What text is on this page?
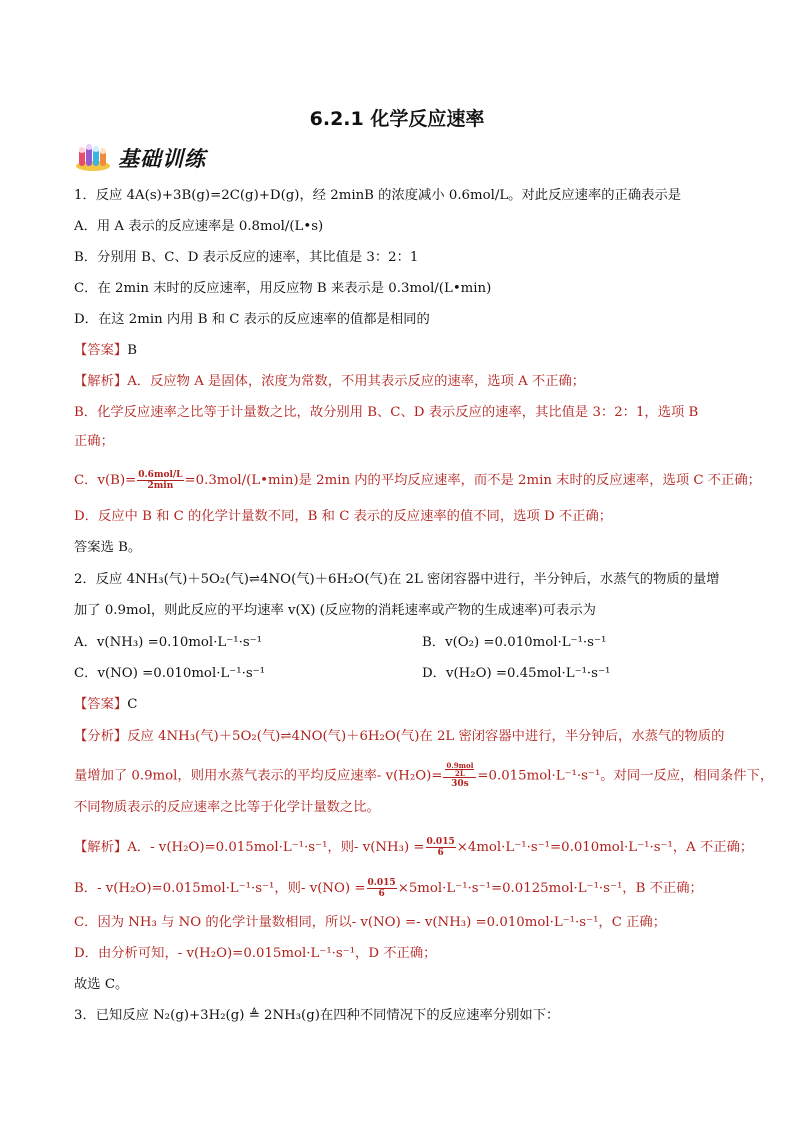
6.2.1 化学反应速率
基础训练
1．反应 4A(s)+3B(g)=2C(g)+D(g)，经 2minB 的浓度减小 0.6mol/L。对此反应速率的正确表示是
A．用 A 表示的反应速率是 0.8mol/(L•s)
B．分别用 B、C、D 表示反应的速率，其比值是 3：2：1
C．在 2min 末时的反应速率，用反应物 B 来表示是 0.3mol/(L•min)
D．在这 2min 内用 B 和 C 表示的反应速率的值都是相同的
【答案】B
【解析】A．反应物 A 是固体，浓度为常数，不用其表示反应的速率，选项 A 不正确；
B．化学反应速率之比等于计量数之比，故分别用 B、C、D 表示反应的速率，其比值是 3：2：1，选项 B
正确；
C．$v(B)= \frac{\text{0.6mol/L}}{2\min}$ =0.3mol/(L•min)是 2min 内的平均反应速率，而不是 2min 末时的反应速率，选项 C 不正确；
D．反应中 B 和 C 的化学计量数不同，B 和 C 表示的反应速率的值不同，选项 D 不正确；
答案选 B。
2．反应 4NH₃(气)＋5O₂(气)⇌4NO(气)＋6H₂O(气)在 2L 密闭容器中进行，半分钟后，水蒸气的物质的量增
加了 0.9mol，则此反应的平均速率 v(X) (反应物的消耗速率或产物的生成速率)可表示为
A．v(NH₃) =0.10mol·L⁻¹·s⁻¹	B．v(O₂) =0.010mol·L⁻¹·s⁻¹
C．v(NO) =0.010mol·L⁻¹·s⁻¹	D．v(H₂O) =0.45mol·L⁻¹·s⁻¹
【答案】C
【分析】反应 4NH₃(气)＋5O₂(气)⇌4NO(气)＋6H₂O(气)在 2L 密闭容器中进行，半分钟后，水蒸气的物质的
量增加了 0.9mol，则用水蒸气表示的平均反应速率- $v(H_2O)= \frac{\frac{\text{0.9mol}}{2L}}{30s} =0.015mol\cdot L^{-1}\cdot s^{-1}$。对同一反应，相同条件下，
不同物质表示的反应速率之比等于化学计量数之比。
【解析】A．- v(H₂O)=0.015mol·L⁻¹·s⁻¹，则- $v(NH_3) = \frac{0.015}{6} \times 4mol\cdot L^{-1}\cdot s^{-1}=0.010mol\cdot L^{-1}\cdot s^{-1}$，A 不正确；
B．- v(H₂O)=0.015mol·L⁻¹·s⁻¹，则- $v(NO) = \frac{0.015}{6} \times 5mol\cdot L^{-1}\cdot s^{-1}=0.0125mol\cdot L^{-1}\cdot s^{-1}$，B 不正确；
C．因为 NH₃ 与 NO 的化学计量数相同，所以- v(NO) =- v(NH₃) =0.010mol·L⁻¹·s⁻¹，C 正确；
D．由分析可知，- v(H₂O)=0.015mol·L⁻¹·s⁻¹，D 不正确；
故选 C。
3．已知反应 N₂(g)+3H₂(g) ≜ 2NH₃(g)在四种不同情况下的反应速率分别如下：
